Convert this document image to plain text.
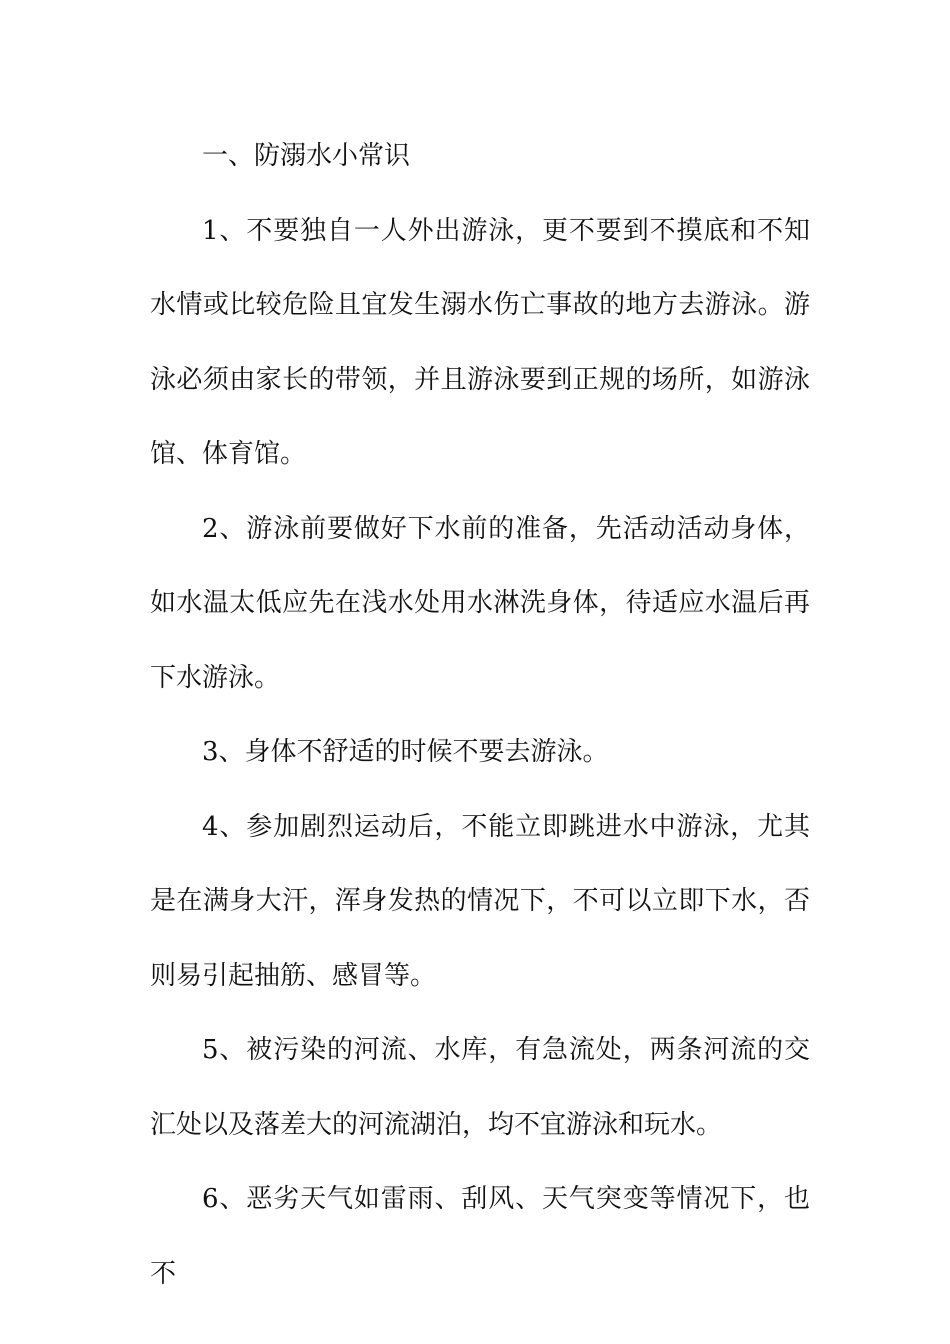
一、防溺水小常识

1、不要独自一人外出游泳，更不要到不摸底和不知水情或比较危险且宜发生溺水伤亡事故的地方去游泳。游泳必须由家长的带领，并且游泳要到正规的场所，如游泳馆、体育馆。

2、游泳前要做好下水前的准备，先活动活动身体，如水温太低应先在浅水处用水淋洗身体，待适应水温后再下水游泳。

3、身体不舒适的时候不要去游泳。

4、参加剧烈运动后，不能立即跳进水中游泳，尤其是在满身大汗，浑身发热的情况下，不可以立即下水，否则易引起抽筋、感冒等。

5、被污染的河流、水库，有急流处，两条河流的交汇处以及落差大的河流湖泊，均不宜游泳和玩水。

6、恶劣天气如雷雨、刮风、天气突变等情况下，也不
